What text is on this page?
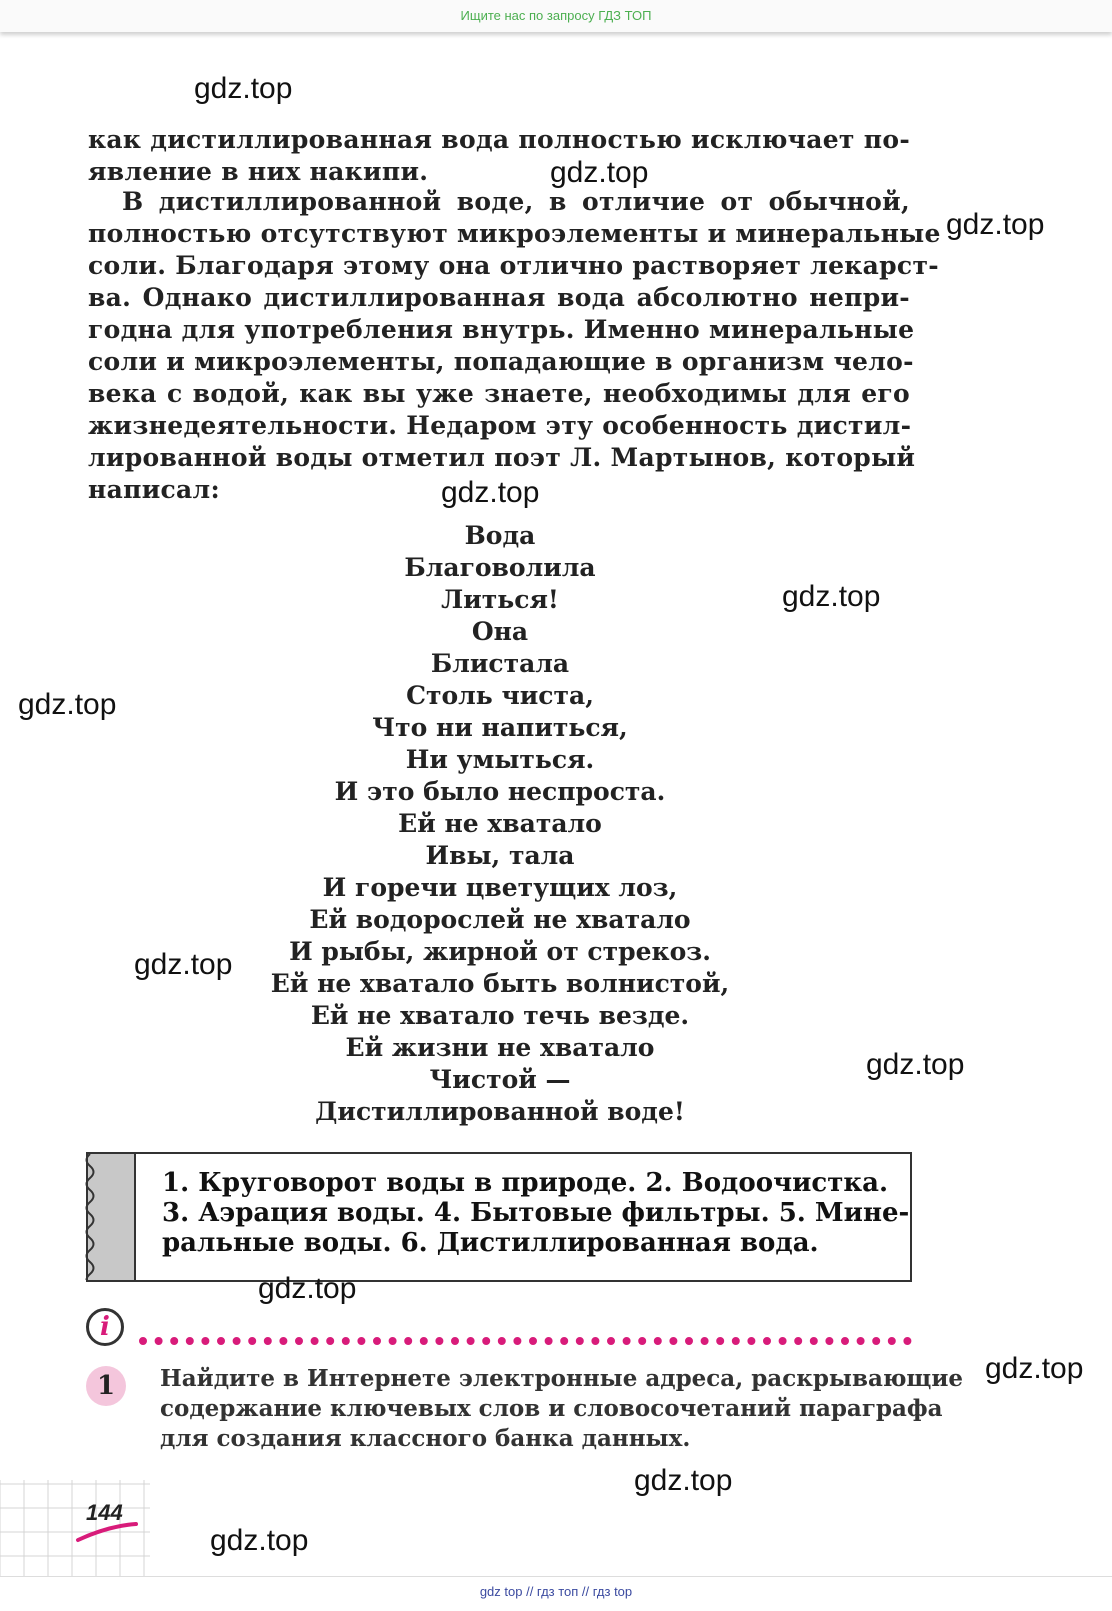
Ищите нас по запросу ГДЗ ТОП
как дистиллированная вода полностью исключает по-
явление в них накипи.
В дистиллированной воде, в отличие от обычной,
полностью отсутствуют микроэлементы и минеральные
соли. Благодаря этому она отлично растворяет лекарст-
ва. Однако дистиллированная вода абсолютно непри-
годна для употребления внутрь. Именно минеральные
соли и микроэлементы, попадающие в организм чело-
века с водой, как вы уже знаете, необходимы для его
жизнедеятельности. Недаром эту особенность дистил-
лированной воды отметил поэт Л. Мартынов, который
написал:
Вода
Благоволила
Литься!
Она
Блистала
Столь чиста,
Что ни напиться,
Ни умыться.
И это было неспроста.
Ей не хватало
Ивы, тала
И горечи цветущих лоз,
Ей водорослей не хватало
И рыбы, жирной от стрекоз.
Ей не хватало быть волнистой,
Ей не хватало течь везде.
Ей жизни не хватало
Чистой —
Дистиллированной воде!
1. Круговорот воды в природе. 2. Водоочистка.
3. Аэрация воды. 4. Бытовые фильтры. 5. Мине-
ральные воды. 6. Дистиллированная вода.
i
1	Найдите в Интернете электронные адреса, раскрывающие
содержание ключевых слов и словосочетаний параграфа
для создания классного банка данных.
144
gdz.top
gdz.top
gdz.top
gdz.top
gdz.top
gdz.top
gdz.top
gdz.top
gdz.top
gdz.top
gdz.top
gdz.top
gdz top // гдз топ // гдз top
